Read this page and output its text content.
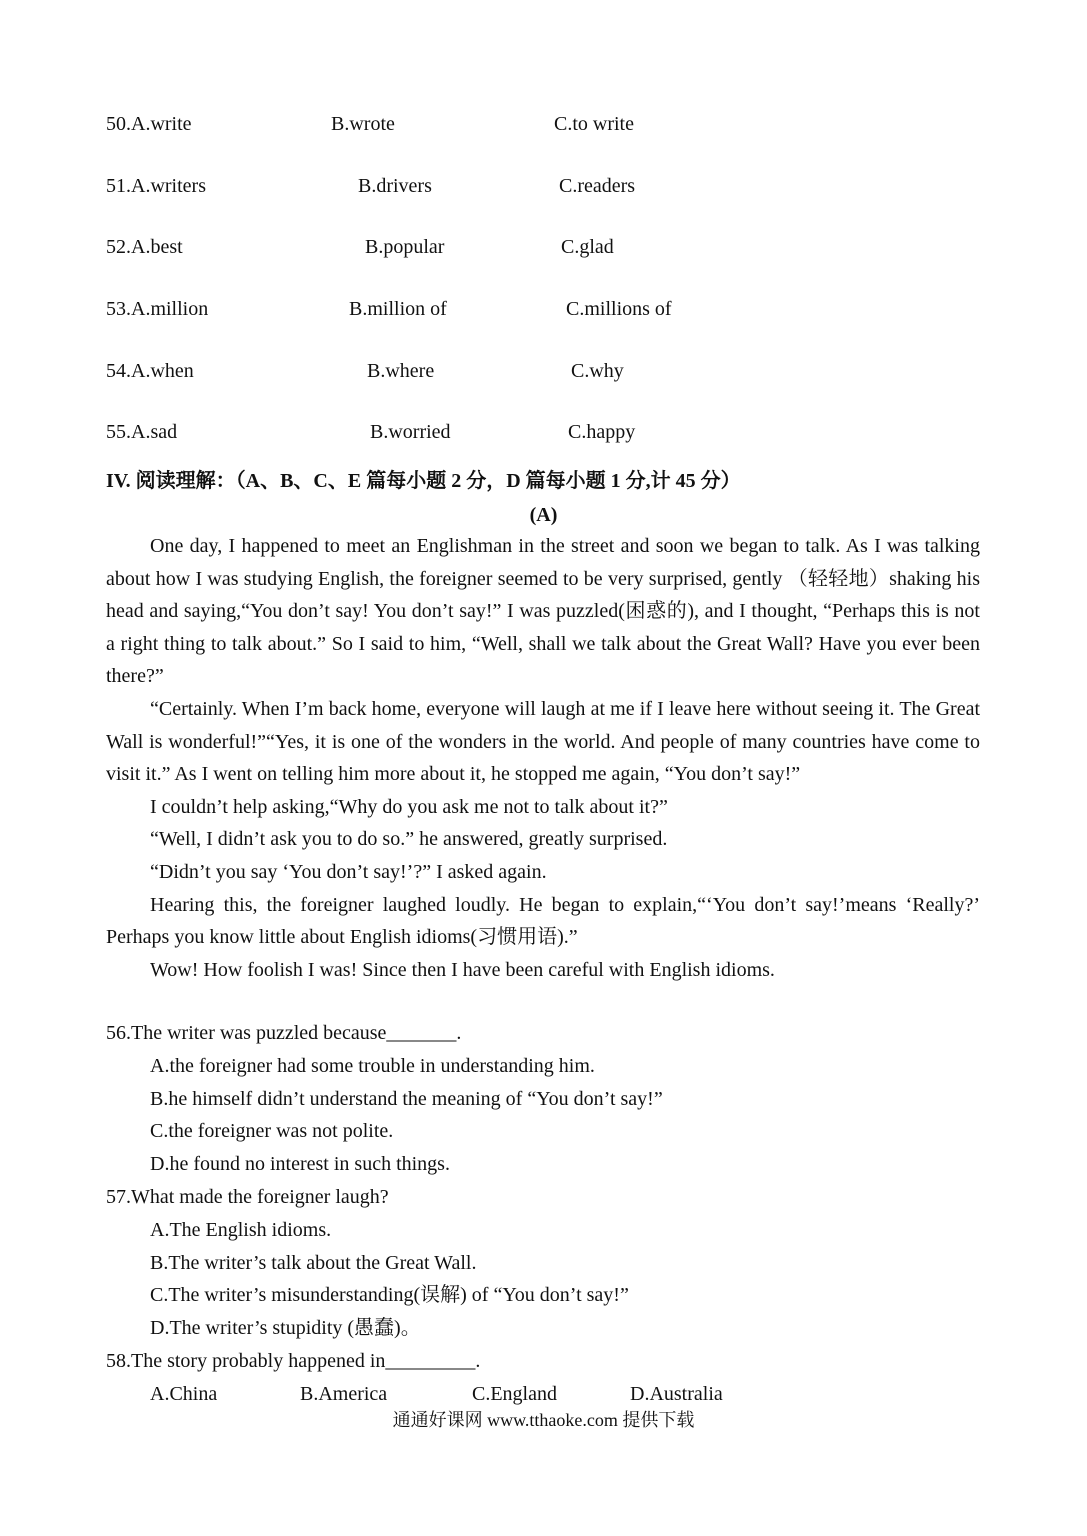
50.A.write	B.wrote	C.to write
51.A.writers	B.drivers	C.readers
52.A.best	B.popular	C.glad
53.A.million	B.million of	C.millions of
54.A.when	B.where	C.why
55.A.sad	B.worried	C.happy
IV. 阅读理解：（A、B、C、E 篇每小题 2 分，D 篇每小题 1 分,计 45 分）
(A)

One day, I happened to meet an Englishman in the street and soon we began to talk. As I was talking about how I was studying English, the foreigner seemed to be very surprised, gently （轻轻地）shaking his head and saying,“You don’t say! You don’t say!” I was puzzled(困惑的), and I thought, “Perhaps this is not a right thing to talk about.” So I said to him, “Well, shall we talk about the Great Wall? Have you ever been there?”

“Certainly. When I’m back home, everyone will laugh at me if I leave here without seeing it. The Great Wall is wonderful!”“Yes, it is one of the wonders in the world. And people of many countries have come to visit it.” As I went on telling him more about it, he stopped me again, “You don’t say!”

I couldn’t help asking,“Why do you ask me not to talk about it?”

“Well, I didn’t ask you to do so.” he answered, greatly surprised.

“Didn’t you say ‘You don’t say!’?” I asked again.

Hearing this, the foreigner laughed loudly. He began to explain,“‘You don’t say!’means ‘Really?’ Perhaps you know little about English idioms(习惯用语).”

Wow! How foolish I was! Since then I have been careful with English idioms.

56.The writer was puzzled because_______.

A.the foreigner had some trouble in understanding him.

B.he himself didn’t understand the meaning of “You don’t say!”

C.the foreigner was not polite.

D.he found no interest in such things.

57.What made the foreigner laugh?

A.The English idioms.

B.The writer’s talk about the Great Wall.

C.The writer’s misunderstanding(误解) of “You don’t say!”

D.The writer’s stupidity (愚蠢)。

58.The story probably happened in_________.

A.China	B.America	C.England	D.Australia
通通好课网 www.tthaoke.com 提供下载
